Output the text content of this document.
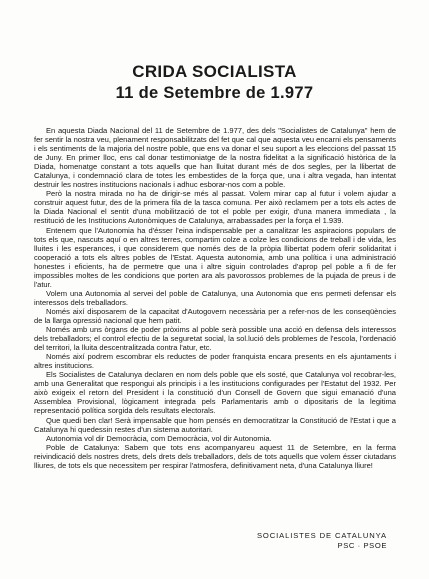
CRIDA SOCIALISTA
11 de Setembre de 1.977

En aquesta Diada Nacional del 11 de Setembre de 1.977, des dels "Socialistes de Catalunya" hem de fer sentir la nostra veu, plenament responsabilitzats del fet que cal que aquesta veu encarni els pensaments i els sentiments de la majoria del nostre poble, que ens va donar el seu suport a les eleccions del passat 15 de Juny. En primer lloc, ens cal donar testimoniatge de la nostra fidelitat a la significació històrica de la Diada, homenatge constant a tots aquells que han lluitat durant més de dos segles, per la llibertat de Catalunya, i condemnació clara de totes les embestides de la força que, una i altra vegada, han intentat destruir les nostres institucions nacionals i adhuc esborar-nos com a poble.

Però la nostra mirada no ha de dirigir-se més al passat. Volem mirar cap al futur i volem ajudar a construir aquest futur, des de la primera fila de la tasca comuna. Per això reclamem per a tots els actes de la Diada Nacional el sentit d'una mobilització de tot el poble per exigir, d'una manera immediata , la restitució de les Institucions Autonòmiques de Catalunya, arrabassades per la força el 1.939.

Entenem que l'Autonomia ha d'ésser l'eina indispensable per a canalitzar les aspiracions populars de tots els que, nascuts aquí o en altres terres, compartim colze a colze les condicions de treball i de vida, les lluites i les esperances, i que considerem que només des de la pròpia llibertat podem oferir solidaritat i cooperació a tots els altres pobles de l'Estat. Aquesta autonomia, amb una política i una administració honestes i eficients, ha de permetre que una i altre siguin controlades d'aprop pel poble a fi de fer impossibles moltes de les condicions que porten ara als pavorossos problemes de la pujada de preus i de l'atur.

Volem una Autonomia al servei del poble de Catalunya, una Autonomia que ens permeti defensar els interessos dels treballadors.

Només així disposarem de la capacitat d'Autogovern necessària per a refer-nos de les conseqüències de la llarga opressió nacional que hem patit.

Només amb uns òrgans de poder pròxims al poble serà possible una acció en defensa dels interessos dels treballadors; el control efectiu de la seguretat social, la sol.lució dels problemes de l'escola, l'ordenació del territori, la lluita descentralitzada contra l'atur, etc.

Només així podrem escombrar els reductes de poder franquista encara presents en els ajuntaments i altres institucions.

Els Socialistes de Catalunya declaren en nom dels poble que els sosté, que Catalunya vol recobrar-les, amb una Generalitat que respongui als principis i a les institucions configurades per l'Estatut del 1932. Per això exigeix el retorn del President i la constitució d'un Consell de Govern que sigui emanació d'una Assemblea Provisional, lògicament integrada pels Parlamentaris amb o dipositaris de la legitima representació política sorgida dels resultats electorals.

Que quedi ben clar! Serà impensable que hom pensés en democratitzar la Constitució de l'Estat i que a Catalunya hi quedessin restes d'un sistema autoritari.

Autonomia vol dir Democràcia, com Democràcia, vol dir Autonomia.

Poble de Catalunya: Sabem que tots ens acompanyareu aquest 11 de Setembre, en la ferma reivindicació dels nostres drets, dels drets dels treballadors, dels de tots aquells que volem ésser ciutadans lliures, de tots els que necessitem per respirar l'atmosfera, definitivament neta, d'una Catalunya lliure!

SOCIALISTES DE CATALUNYA
PSC · PSOE
